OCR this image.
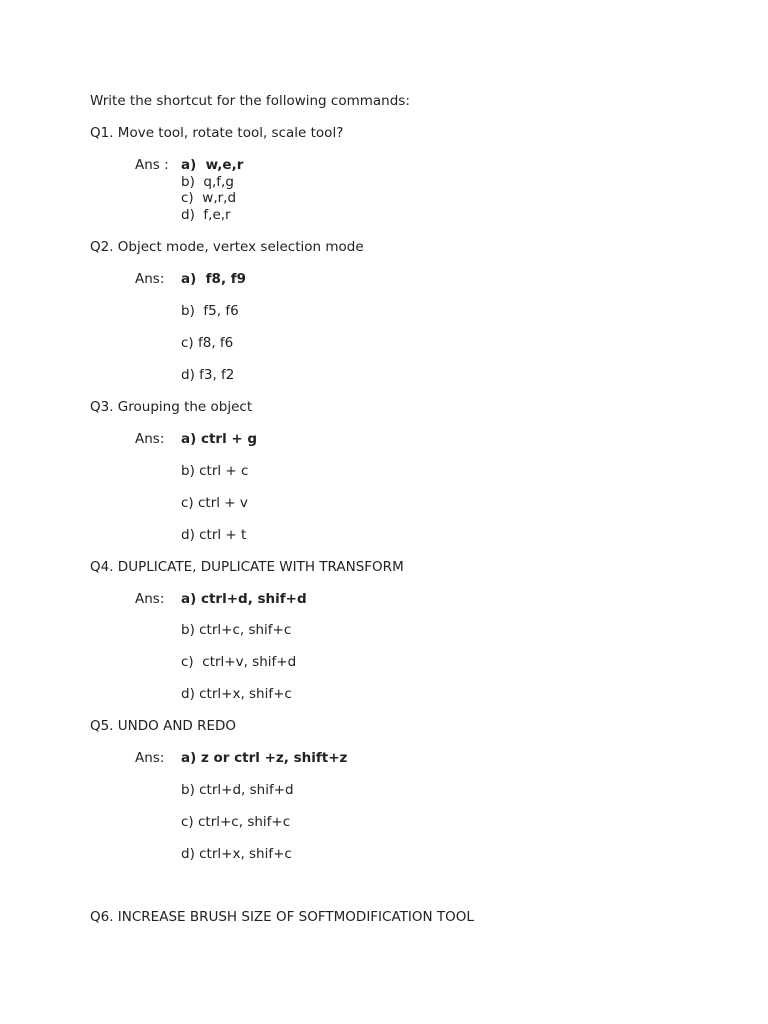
Write the shortcut for the following commands:
Q1. Move tool, rotate tool, scale tool?
Ans : a)  w,e,r
b)  q,f,g
c)  w,r,d
d)  f,e,r
Q2. Object mode, vertex selection mode
Ans: a)  f8, f9
b)  f5, f6
c) f8, f6
d) f3, f2
Q3. Grouping the object
Ans: a) ctrl + g
b) ctrl + c
c) ctrl + v
d) ctrl + t
Q4. DUPLICATE, DUPLICATE WITH TRANSFORM
Ans: a) ctrl+d, shif+d
b) ctrl+c, shif+c
c)  ctrl+v, shif+d
d) ctrl+x, shif+c
Q5. UNDO AND REDO
Ans: a) z or ctrl +z, shift+z
b) ctrl+d, shif+d
c) ctrl+c, shif+c
d) ctrl+x, shif+c
Q6. INCREASE BRUSH SIZE OF SOFTMODIFICATION TOOL
